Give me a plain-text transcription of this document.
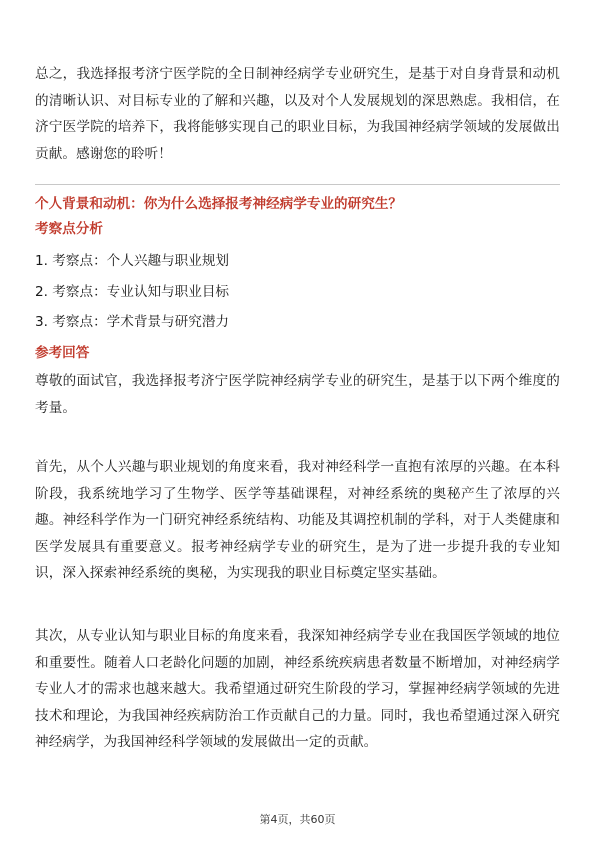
总之，我选择报考济宁医学院的全日制神经病学专业研究生，是基于对自身背景和动机的清晰认识、对目标专业的了解和兴趣，以及对个人发展规划的深思熟虑。我相信，在济宁医学院的培养下，我将能够实现自己的职业目标，为我国神经病学领域的发展做出贡献。感谢您的聆听！

个人背景和动机：你为什么选择报考神经病学专业的研究生？
考察点分析
1. 考察点：个人兴趣与职业规划
2. 考察点：专业认知与职业目标
3. 考察点：学术背景与研究潜力
参考回答

尊敬的面试官，我选择报考济宁医学院神经病学专业的研究生，是基于以下两个维度的考量。

首先，从个人兴趣与职业规划的角度来看，我对神经科学一直抱有浓厚的兴趣。在本科阶段，我系统地学习了生物学、医学等基础课程，对神经系统的奥秘产生了浓厚的兴趣。神经科学作为一门研究神经系统结构、功能及其调控机制的学科，对于人类健康和医学发展具有重要意义。报考神经病学专业的研究生，是为了进一步提升我的专业知识，深入探索神经系统的奥秘，为实现我的职业目标奠定坚实基础。

其次，从专业认知与职业目标的角度来看，我深知神经病学专业在我国医学领域的地位和重要性。随着人口老龄化问题的加剧，神经系统疾病患者数量不断增加，对神经病学专业人才的需求也越来越大。我希望通过研究生阶段的学习，掌握神经病学领域的先进技术和理论，为我国神经疾病防治工作贡献自己的力量。同时，我也希望通过深入研究神经病学，为我国神经科学领域的发展做出一定的贡献。

第4页，共60页
